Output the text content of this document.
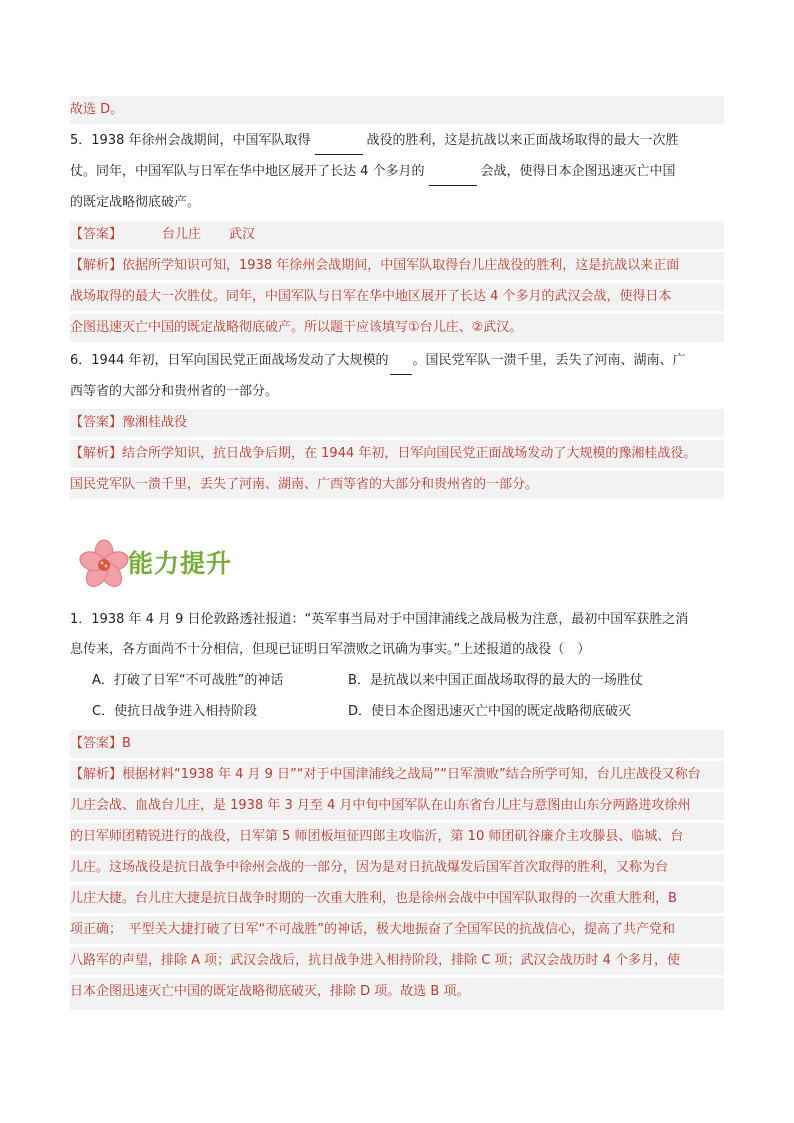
故选 D。
5．1938 年徐州会战期间，中国军队取得	战役的胜利，这是抗战以来正面战场取得的最大一次胜
仗。同年，中国军队与日军在华中地区展开了长达 4 个多月的	会战，使得日本企图迅速灭亡中国
的既定战略彻底破产。
【答案】	台儿庄 武汉
【解析】依据所学知识可知，1938 年徐州会战期间，中国军队取得台儿庄战役的胜利，这是抗战以来正面
战场取得的最大一次胜仗。同年，中国军队与日军在华中地区展开了长达 4 个多月的武汉会战，使得日本
企图迅速灭亡中国的既定战略彻底破产。所以题干应该填写①台儿庄、②武汉。
6．1944 年初，日军向国民党正面战场发动了大规模的 。国民党军队一溃千里，丢失了河南、湖南、广
西等省的大部分和贵州省的一部分。
【答案】豫湘桂战役
【解析】结合所学知识，抗日战争后期，在 1944 年初，日军向国民党正面战场发动了大规模的豫湘桂战役。
国民党军队一溃千里，丢失了河南、湖南、广西等省的大部分和贵州省的一部分。
能力提升
1．1938 年 4 月 9 日伦敦路透社报道：“英军事当局对于中国津浦线之战局极为注意，最初中国军获胜之消
息传来，各方面尚不十分相信，但现已证明日军溃败之讯确为事实。”上述报道的战役（　）
A．打破了日军“不可战胜”的神话	B．是抗战以来中国正面战场取得的最大的一场胜仗
C．使抗日战争进入相持阶段	D．使日本企图迅速灭亡中国的既定战略彻底破灭
【答案】B
【解析】根据材料“1938 年 4 月 9 日”“对于中国津浦线之战局”“日军溃败”结合所学可知，台儿庄战役又称台
儿庄会战、血战台儿庄，是 1938 年 3 月至 4 月中旬中国军队在山东省台儿庄与意图由山东分两路进攻徐州
的日军师团精锐进行的战役，日军第 5 师团板垣征四郎主攻临沂，第 10 师团矶谷廉介主攻滕县、临城、台
儿庄。这场战役是抗日战争中徐州会战的一部分，因为是对日抗战爆发后国军首次取得的胜利，又称为台
儿庄大捷。台儿庄大捷是抗日战争时期的一次重大胜利，也是徐州会战中中国军队取得的一次重大胜利，B
项正确；　平型关大捷打破了日军“不可战胜”的神话，极大地振奋了全国军民的抗战信心，提高了共产党和
八路军的声望，排除 A 项；武汉会战后，抗日战争进入相持阶段，排除 C 项；武汉会战历时 4 个多月，使
日本企图迅速灭亡中国的既定战略彻底破灭，排除 D 项。故选 B 项。
